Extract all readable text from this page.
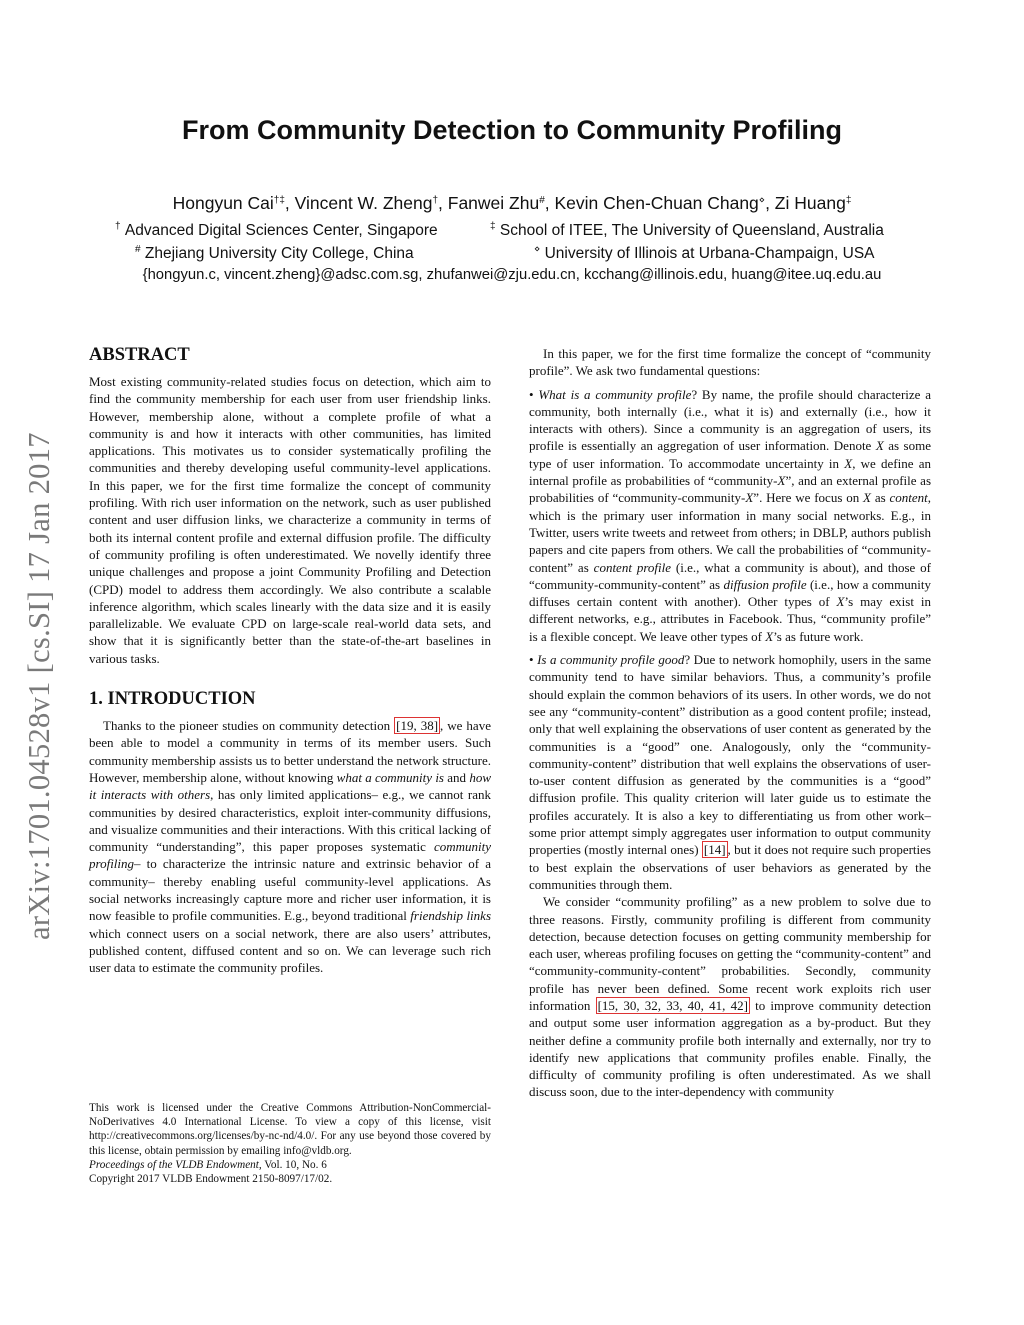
arXiv:1701.04528v1 [cs.SI] 17 Jan 2017
From Community Detection to Community Profiling
Hongyun Cai†‡, Vincent W. Zheng†, Fanwei Zhu#, Kevin Chen-Chuan Chang⋄, Zi Huang‡
† Advanced Digital Sciences Center, Singapore	‡ School of ITEE, The University of Queensland, Australia
# Zhejiang University City College, China	⋄ University of Illinois at Urbana-Champaign, USA
{hongyun.c, vincent.zheng}@adsc.com.sg, zhufanwei@zju.edu.cn, kcchang@illinois.edu, huang@itee.uq.edu.au
ABSTRACT

Most existing community-related studies focus on detection, which aim to find the community membership for each user from user friendship links. However, membership alone, without a complete profile of what a community is and how it interacts with other communities, has limited applications. This motivates us to consider systematically profiling the communities and thereby developing useful community-level applications. In this paper, we for the first time formalize the concept of community profiling. With rich user information on the network, such as user published content and user diffusion links, we characterize a community in terms of both its internal content profile and external diffusion profile. The difficulty of community profiling is often underestimated. We novelly identify three unique challenges and propose a joint Community Profiling and Detection (CPD) model to address them accordingly. We also contribute a scalable inference algorithm, which scales linearly with the data size and it is easily parallelizable. We evaluate CPD on large-scale real-world data sets, and show that it is significantly better than the state-of-the-art baselines in various tasks.

1. INTRODUCTION

Thanks to the pioneer studies on community detection [19, 38] , we have been able to model a community in terms of its member users. Such community membership assists us to better understand the network structure. However, membership alone, without knowing what a community is and how it interacts with others, has only limited applications– e.g., we cannot rank communities by desired characteristics, exploit inter-community diffusions, and visualize communities and their interactions. With this critical lacking of community “understanding”, this paper proposes systematic community profiling– to characterize the intrinsic nature and extrinsic behavior of a community– thereby enabling useful community-level applications. As social networks increasingly capture more and richer user information, it is now feasible to profile communities. E.g., beyond traditional friendship links which connect users on a social network, there are also users’ attributes, published content, diffused content and so on. We can leverage such rich user data to estimate the community profiles.

This work is licensed under the Creative Commons Attribution-NonCommercial-NoDerivatives 4.0 International License. To view a copy of this license, visit http://creativecommons.org/licenses/by-nc-nd/4.0/. For any use beyond those covered by this license, obtain permission by emailing info@vldb.org.

Proceedings of the VLDB Endowment, Vol. 10, No. 6

Copyright 2017 VLDB Endowment 2150-8097/17/02.

In this paper, we for the first time formalize the concept of “community profile”. We ask two fundamental questions:

• What is a community profile? By name, the profile should characterize a community, both internally (i.e., what it is) and externally (i.e., how it interacts with others). Since a community is an aggregation of users, its profile is essentially an aggregation of user information. Denote X as some type of user information. To accommodate uncertainty in X, we define an internal profile as probabilities of “community-X”, and an external profile as probabilities of “community-community-X”. Here we focus on X as content, which is the primary user information in many social networks. E.g., in Twitter, users write tweets and retweet from others; in DBLP, authors publish papers and cite papers from others. We call the probabilities of “community-content” as content profile (i.e., what a community is about), and those of “community-community-content” as diffusion profile (i.e., how a community diffuses certain content with another). Other types of X’s may exist in different networks, e.g., attributes in Facebook. Thus, “community profile” is a flexible concept. We leave other types of X’s as future work.

• Is a community profile good? Due to network homophily, users in the same community tend to have similar behaviors. Thus, a community’s profile should explain the common behaviors of its users. In other words, we do not see any “community-content” distribution as a good content profile; instead, only that well explaining the observations of user content as generated by the communities is a “good” one. Analogously, only the “community-community-content” distribution that well explains the observations of user-to-user content diffusion as generated by the communities is a “good” diffusion profile. This quality criterion will later guide us to estimate the profiles accurately. It is also a key to differentiating us from other work– some prior attempt simply aggregates user information to output community properties (mostly internal ones) [14] , but it does not require such properties to best explain the observations of user behaviors as generated by the communities through them.

We consider “community profiling” as a new problem to solve due to three reasons. Firstly, community profiling is different from community detection, because detection focuses on getting community membership for each user, whereas profiling focuses on getting the “community-content” and “community-community-content” probabilities. Secondly, community profile has never been defined. Some recent work exploits rich user information [15, 30, 32, 33, 40, 41, 42] to improve community detection and output some user information aggregation as a by-product. But they neither define a community profile both internally and externally, nor try to identify new applications that community profiles enable. Finally, the difficulty of community profiling is often underestimated. As we shall discuss soon, due to the inter-dependency with community
